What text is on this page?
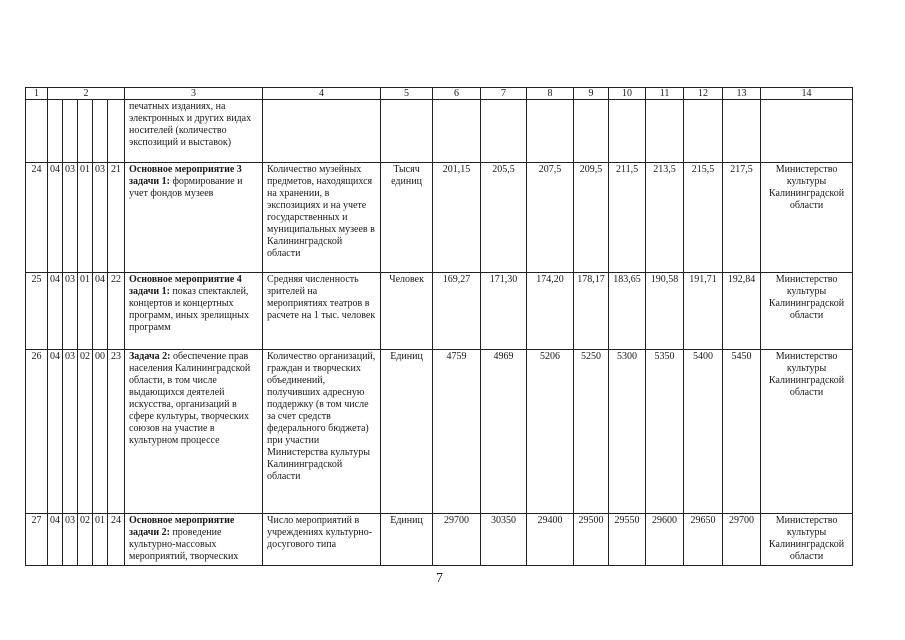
1	2					3	4	5	6	7	8	9	10	11	12	13	14
						печатных изданиях, на электронных и других видах носителей (количество экспозиций и выставок)											
24	04	03	01	03	21	Основное мероприятие 3 задачи 1: формирование и учет фондов музеев	Количество музейных предметов, находящихся на хранении, в экспозициях и на учете государственных и муниципальных музеев в Калининградской области	Тысяч единиц	201,15	205,5	207,5	209,5	211,5	213,5	215,5	217,5	Министерство культуры Калининградской области
25	04	03	01	04	22	Основное мероприятие 4 задачи 1: показ спектаклей, концертов и концертных программ, иных зрелищных программ	Средняя численность зрителей на мероприятиях театров в расчете на 1 тыс. человек	Человек	169,27	171,30	174,20	178,17	183,65	190,58	191,71	192,84	Министерство культуры Калининградской области
26	04	03	02	00	23	Задача 2: обеспечение прав населения Калининградской области, в том числе выдающихся деятелей искусства, организаций в сфере культуры, творческих союзов на участие в культурном процессе	Количество организаций, граждан и творческих объединений, получивших адресную поддержку (в том числе за счет средств федерального бюджета) при участии Министерства культуры Калининградской области	Единиц	4759	4969	5206	5250	5300	5350	5400	5450	Министерство культуры Калининградской области
27	04	03	02	01	24	Основное мероприятие задачи 2: проведение культурно-массовых мероприятий, творческих	Число мероприятий в учреждениях культурно-досугового типа	Единиц	29700	30350	29400	29500	29550	29600	29650	29700	Министерство культуры Калининградской области
7
